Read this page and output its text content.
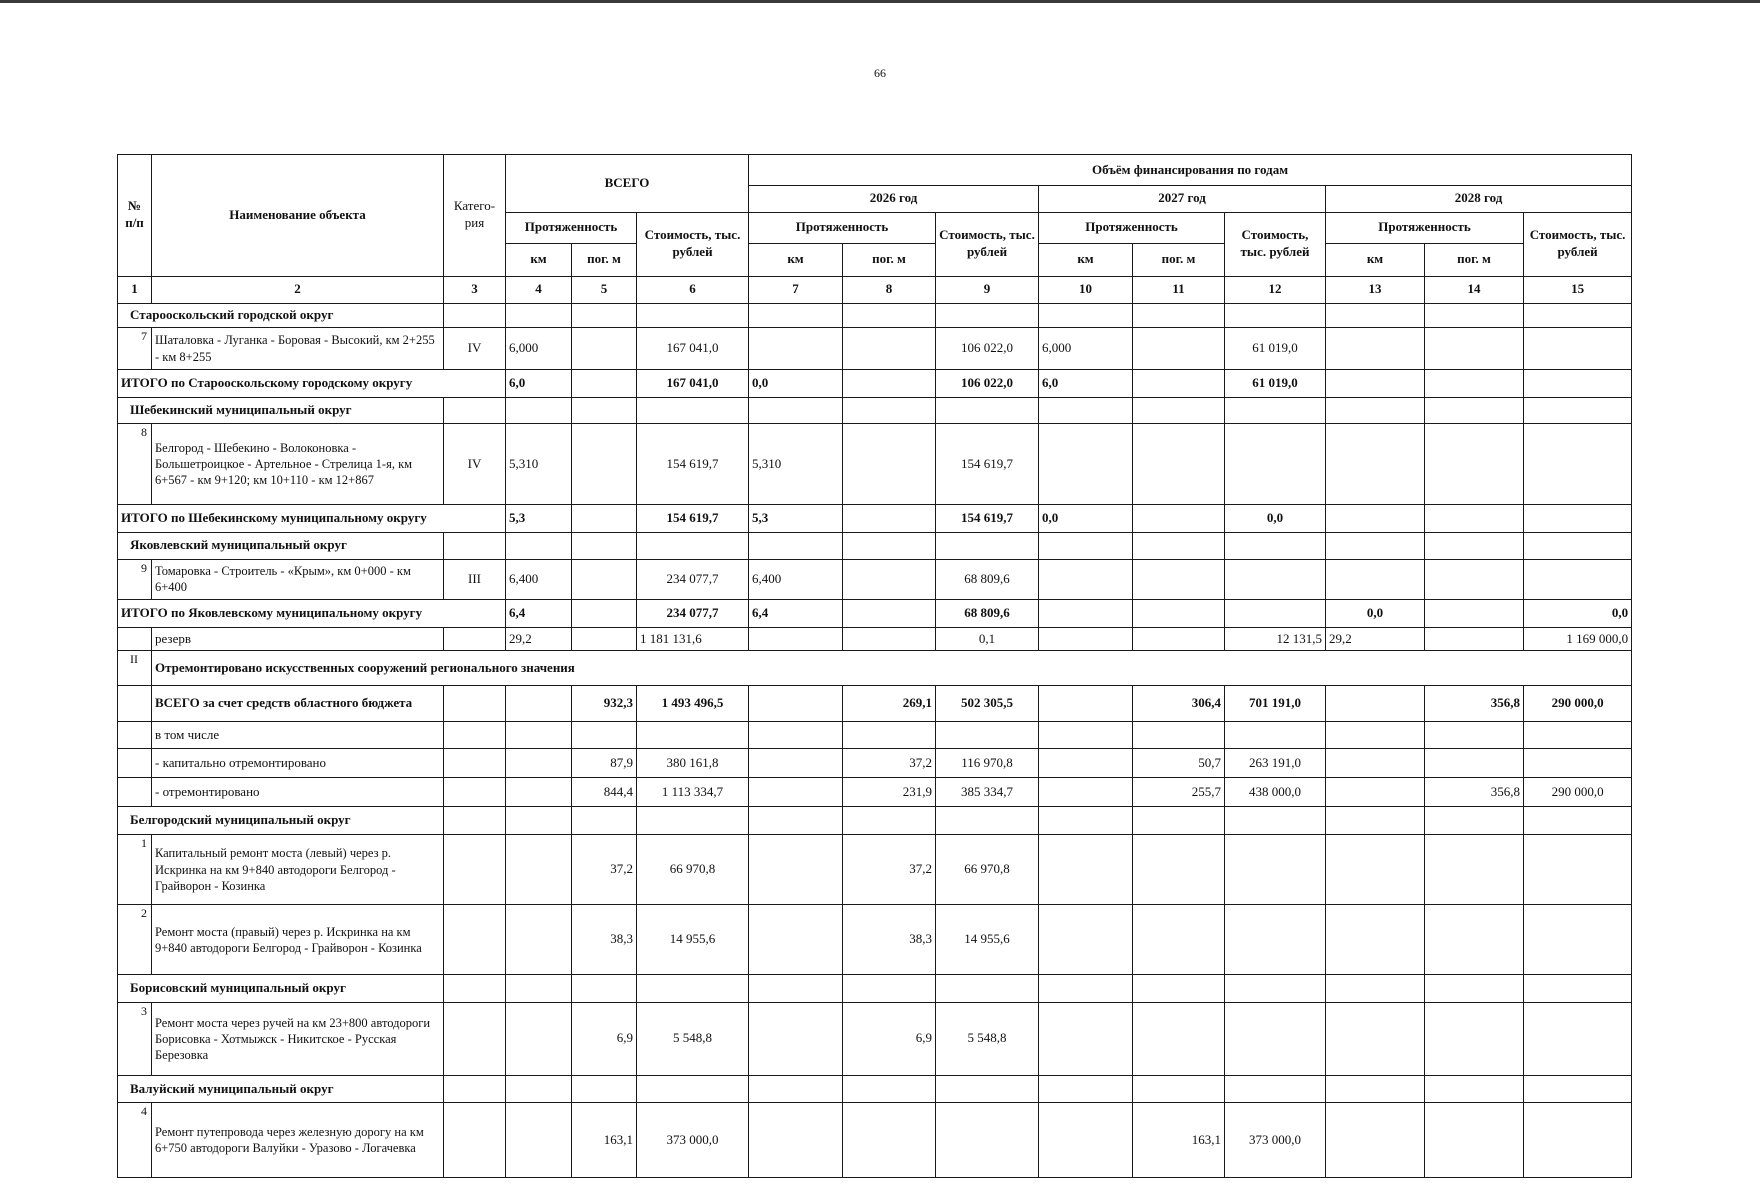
66
№ п/п	Наименование объекта	Катего-рия	ВСЕГО			Объём финансирования по годам								
						2026 год			2027 год			2028 год		
			Протяженность		Стоимость, тыс. рублей	Протяженность		Стоимость, тыс. рублей	Протяженность		Стоимость, тыс. рублей	Протяженность		Стоимость, тыс. рублей
			км	пог. м		км	пог. м		км	пог. м		км	пог. м	
1	2	3	4	5	6	7	8	9	10	11	12	13	14	15
Старооскольский городской округ														
7	Шаталовка - Луганка - Боровая - Высокий, км 2+255 - км 8+255	IV	6,000		167 041,0			106 022,0	6,000		61 019,0			
ИТОГО по Старооскольскому городскому округу			6,0		167 041,0	0,0		106 022,0	6,0		61 019,0			
Шебекинский муниципальный округ														
8	Белгород - Шебекино - Волоконовка - Большетроицкое - Артельное - Стрелица 1-я, км 6+567 - км 9+120; км 10+110 - км 12+867	IV	5,310		154 619,7	5,310		154 619,7						
ИТОГО по Шебекинскому муниципальному округу			5,3		154 619,7	5,3		154 619,7	0,0		0,0			
Яковлевский муниципальный округ														
9	Томаровка - Строитель - «Крым», км 0+000 - км 6+400	III	6,400		234 077,7	6,400		68 809,6						
ИТОГО по Яковлевскому муниципальному округу			6,4		234 077,7	6,4		68 809,6				0,0		0,0
	резерв		29,2		1 181 131,6			0,1			12 131,5	29,2		1 169 000,0
II	Отремонтировано искусственных сооружений регионального значения													
	ВСЕГО за счет средств областного бюджета			932,3	1 493 496,5		269,1	502 305,5		306,4	701 191,0		356,8	290 000,0
	в том числе													
	- капитально отремонтировано			87,9	380 161,8		37,2	116 970,8		50,7	263 191,0			
	- отремонтировано			844,4	1 113 334,7		231,9	385 334,7		255,7	438 000,0		356,8	290 000,0
Белгородский муниципальный округ														
1	Капитальный ремонт моста (левый) через р. Искринка на км 9+840 автодороги Белгород - Грайворон - Козинка			37,2	66 970,8		37,2	66 970,8						
2	Ремонт моста (правый) через р. Искринка на км 9+840 автодороги Белгород - Грайворон - Козинка			38,3	14 955,6		38,3	14 955,6						
Борисовский муниципальный округ														
3	Ремонт моста через ручей на км 23+800 автодороги Борисовка - Хотмыжск - Никитское - Русская Березовка			6,9	5 548,8		6,9	5 548,8						
Валуйский муниципальный округ														
4	Ремонт путепровода через железную дорогу на км 6+750 автодороги Валуйки - Уразово - Логачевка			163,1	373 000,0					163,1	373 000,0			
